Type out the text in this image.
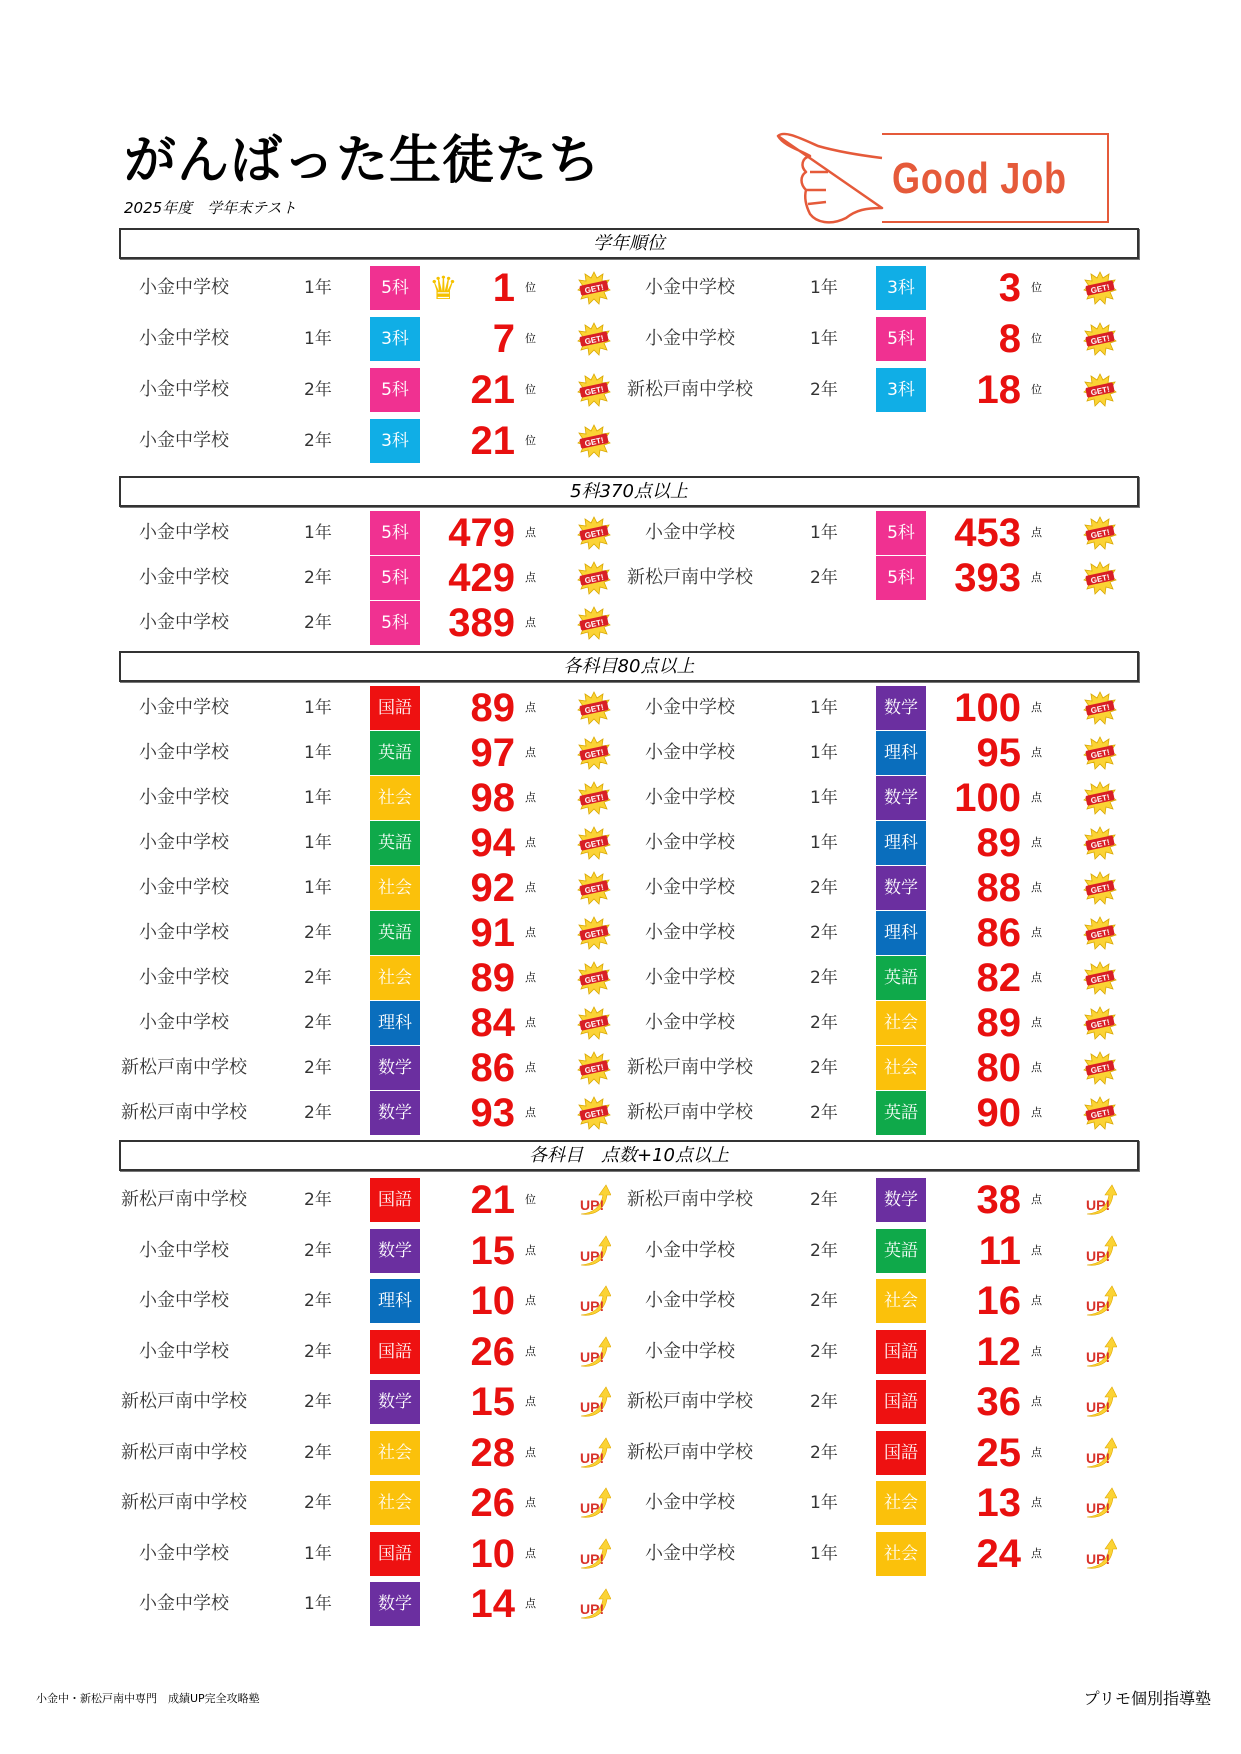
がんばった生徒たち
2025年度　学年末テスト
Good Job
学年順位
小金中学校	1年	5科 ♛ 1 位	GET!	小金中学校	1年	3科	3 位	GET!
小金中学校	1年	3科	7 位	GET!	小金中学校	1年	5科	8 位	GET!
小金中学校	2年	5科	21 位	GET! 新松戸南中学校	2年	3科	18 位	GET!
小金中学校	2年	3科	21 位	GET!
5科370点以上
小金中学校	1年	5科 479 点	GET!	小金中学校	1年	5科 453 点	GET!
小金中学校	2年	5科 429 点	GET! 新松戸南中学校	2年	5科 393 点	GET!
小金中学校	2年	5科 389 点	GET!
各科目80点以上
小金中学校	1年	国語	89 点	GET!	小金中学校	1年	数学 100 点	GET!
小金中学校	1年	英語	97 点	GET!	小金中学校	1年	理科	95 点	GET!
小金中学校	1年	社会	98 点	GET!	小金中学校	1年	数学 100 点	GET!
小金中学校	1年	英語	94 点	GET!	小金中学校	1年	理科	89 点	GET!
小金中学校	1年	社会	92 点	GET!	小金中学校	2年	数学	88 点	GET!
小金中学校	2年	英語	91 点	GET!	小金中学校	2年	理科	86 点	GET!
小金中学校	2年	社会	89 点	GET!	小金中学校	2年	英語	82 点	GET!
小金中学校	2年	理科	84 点	GET!	小金中学校	2年	社会	89 点	GET!
新松戸南中学校	2年	数学	86 点	GET! 新松戸南中学校	2年	社会	80 点	GET!
新松戸南中学校	2年	数学	93 点	GET! 新松戸南中学校	2年	英語	90 点	GET!
各科目　点数+10点以上
新松戸南中学校	2年	国語	21 位	UP! 新松戸南中学校	2年	数学	38 点	UP!
小金中学校	2年	数学	15 点	UP!	小金中学校	2年	英語	11 点	UP!
小金中学校	2年	理科	10 点	UP!	小金中学校	2年	社会	16 点	UP!
小金中学校	2年	国語	26 点	UP!	小金中学校	2年	国語	12 点	UP!
新松戸南中学校	2年	数学	15 点	UP! 新松戸南中学校	2年	国語	36 点	UP!
新松戸南中学校	2年	社会	28 点	UP! 新松戸南中学校	2年	国語	25 点	UP!
新松戸南中学校	2年	社会	26 点	UP!	小金中学校	1年	社会	13 点	UP!
小金中学校	1年	国語	10 点	UP!	小金中学校	1年	社会	24 点	UP!
小金中学校	1年	数学	14 点	UP!
小金中・新松戸南中専門　成績UP完全攻略塾	プリモ個別指導塾
